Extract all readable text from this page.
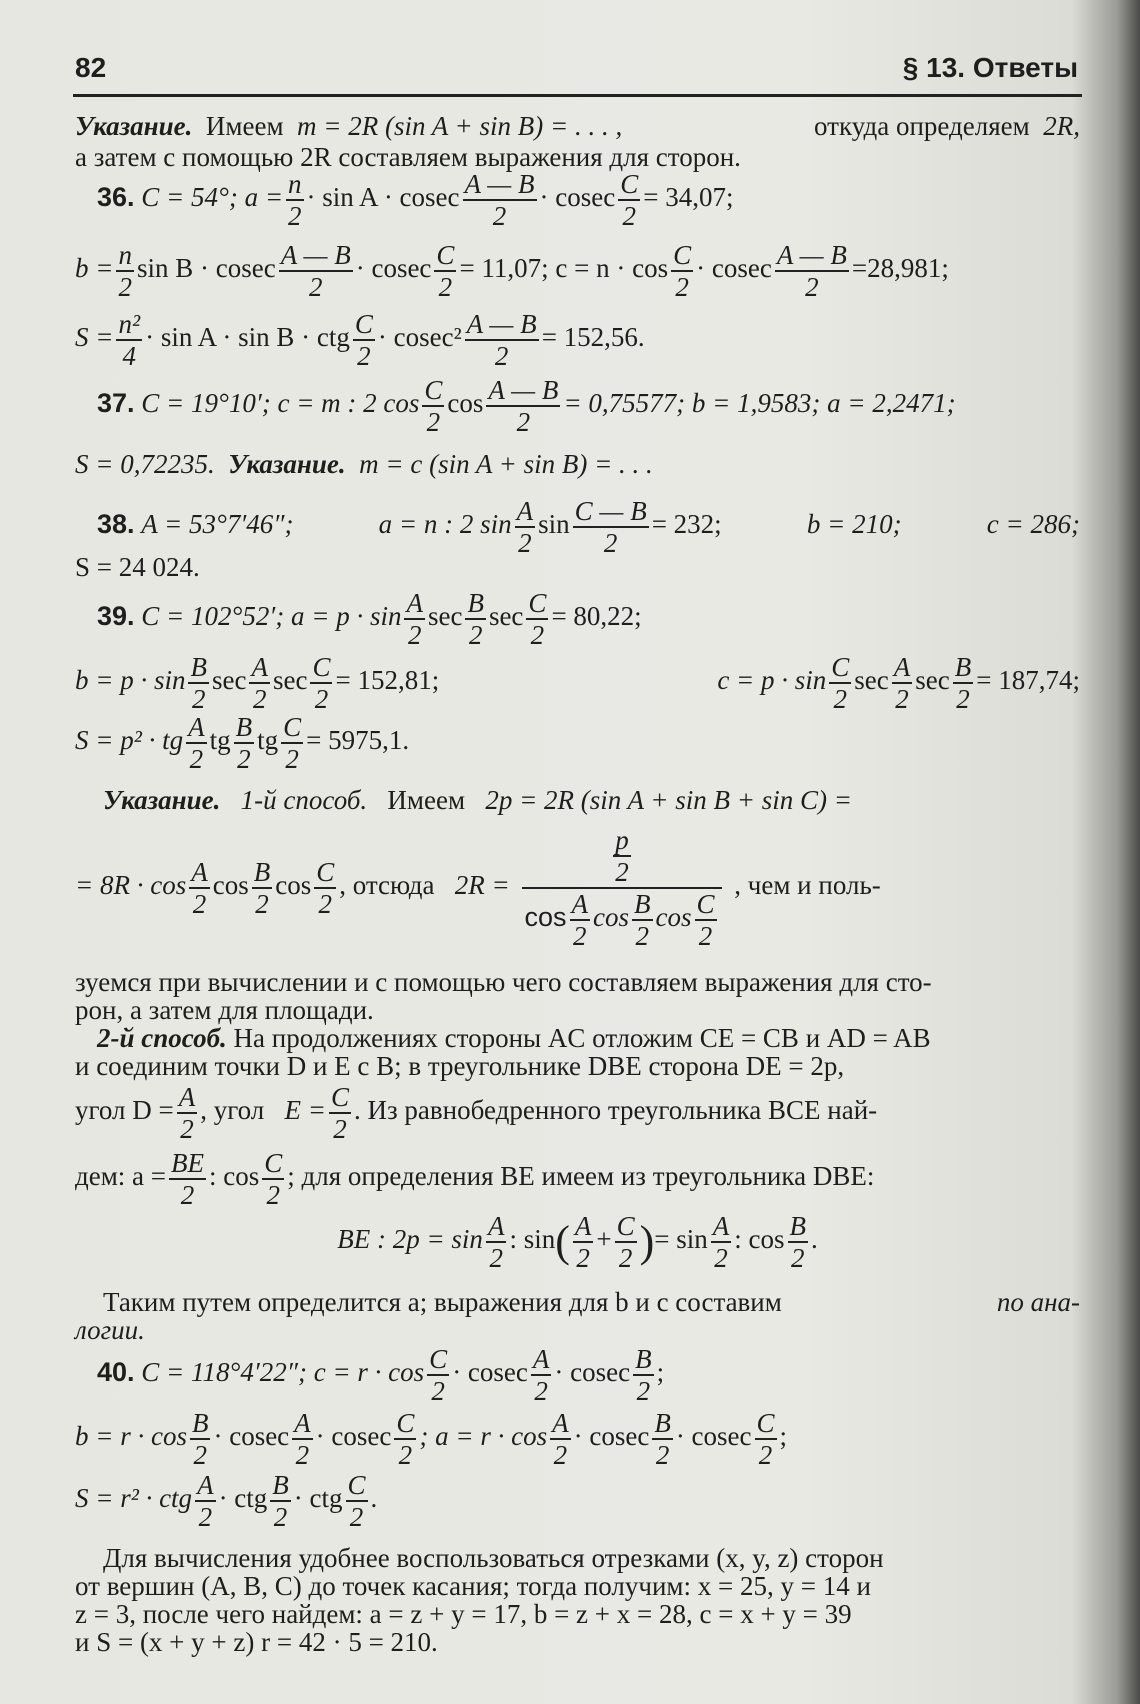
82	§ 13. Ответы
Указание. Имеем m = 2R (sin A + sin B) = . . . ,	откуда определяем 2R,
а затем с помощью 2R составляем выражения для сторон.
36. C = 54°; $a = \frac{n}{2} \cdot \sin A \cdot cosec \frac{A — B}{2} \cdot cosec \frac{C}{2} = 34,07$;
$b = \frac{n}{2}$ sin B · cosec $\frac{A — B}{2} \cdot cosec \frac{C}{2} = 11,07$; $c = n \cdot \cos \frac{C}{2} \cdot cosec \frac{A — B}{2} =28,981$;
$S = \frac{\text{n²}}{4} \cdot \sin A \cdot \sin B$ · ctg $\frac{C}{2} \cdot cosec^2 \frac{A — B}{2} = 152,56$.
37. C = 19°10′; c = m : 2 $\cos \frac{C}{2}$ $\cos \frac{A — B}{2} = 0,75577$; b = 1,9583; a = 2,2471;
S = 0,72235. Указание. m = c (sin A + sin B) = . . .
38. A = 53°7′46″;	a = n : 2 $\sin \frac{A}{2}$ $\sin \frac{C — B}{2} = 232$;	b = 210;	c = 286;
S = 24 024.
39. C = 102°52′; $a = p \cdot \sin \frac{A}{2}$ $\sec \frac{B}{2}$ $\sec \frac{C}{2} = 80,22$;
$b = p \cdot \sin \frac{B}{2}$ $\sec \frac{A}{2}$ $\sec \frac{C}{2} = 152,81$;	$c = p \cdot \sin \frac{C}{2}$ $\sec \frac{A}{2}$ $\sec \frac{B}{2} = 187,74$;
S = p² · tg $\frac{A}{2}$ tg $\frac{B}{2}$ tg $\frac{C}{2} = 5975,1$.
Указание. 1-й способ. Имеем 2p = 2R (sin A + sin B + sin C) =
= $8R \cdot \cos \frac{A}{2}$ $\cos \frac{B}{2}$ $\cos \frac{C}{2}$ , отсюда $2R = \frac{\frac{p}{2}}{\cos \frac{A}{2} \cos \frac{B}{2} \cos \frac{C}{2}}$ , чем и поль-
зуемся при вычислении и с помощью чего составляем выражения для сто-
рон, а затем для площади.
2-й способ. На продолжениях стороны AC отложим CE = CB и AD = AB
и соединим точки D и E с B; в треугольнике DBE сторона DE = 2p,
угол $D = \frac{A}{2}$ , угол $E = \frac{C}{2}$ . Из равнобедренного треугольника BCE най-
дем: $a = \frac{BE}{2}$ : $\cos \frac{C}{2}$ ; для определения BE имеем из треугольника DBE:
BE : $2p = \sin \frac{A}{2}$ : $\sin( \frac{A}{2} + \frac{C}{2}$ )= $\sin \frac{A}{2}$ : $\cos \frac{B}{2}$ .
Таким путем определится a; выражения для b и c составим	по ана-
логии.
40. C = 118°4′22″; $c = r \cdot \cos \frac{C}{2} \cdot cosec \frac{A}{2} \cdot cosec \frac{B}{2}$ ;
$b = r \cdot \cos \frac{B}{2} \cdot cosec \frac{A}{2} \cdot cosec \frac{C}{2}$ ; $a = r \cdot \cos \frac{A}{2} \cdot cosec \frac{B}{2} \cdot cosec \frac{C}{2}$ ;
S = r² · ctg $\frac{A}{2}$ · ctg $\frac{B}{2}$ · ctg $\frac{C}{2}$ .
Для вычисления удобнее воспользоваться отрезками (x, y, z) сторон
от вершин (A, B, C) до точек касания; тогда получим: x = 25, y = 14 и
z = 3, после чего найдем: a = z + y = 17, b = z + x = 28, c = x + y = 39
и S = (x + y + z) r = 42 · 5 = 210.
